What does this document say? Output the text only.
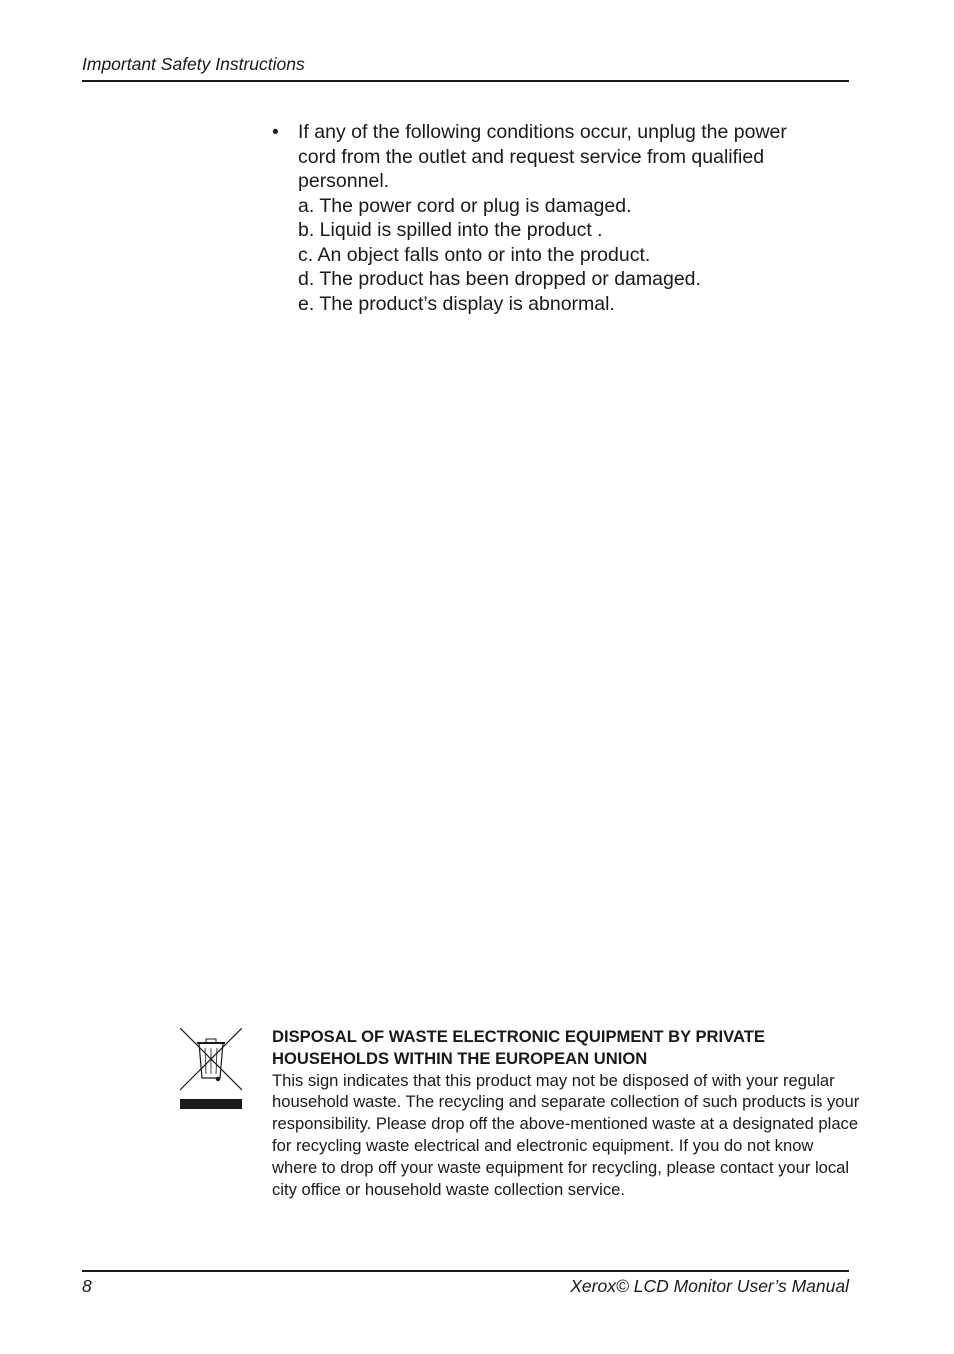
Important Safety Instructions
• If any of the following conditions occur, unplug the power cord from the outlet and request service from qualified personnel.
a. The power cord or plug is damaged.
b. Liquid is spilled into the product .
c. An object falls onto or into the product.
d. The product has been dropped or damaged.
e. The product’s display is abnormal.
DISPOSAL OF WASTE ELECTRONIC EQUIPMENT BY PRIVATE HOUSEHOLDS WITHIN THE EUROPEAN UNION
This sign indicates that this product may not be disposed of with your regular household waste. The recycling and separate collection of such products is your responsibility. Please drop off the above-mentioned waste at a designated place for recycling waste electrical and electronic equipment. If you do not know where to drop off your waste equipment for recycling, please contact your local city office or household waste collection service.
8	Xerox© LCD Monitor User’s Manual
